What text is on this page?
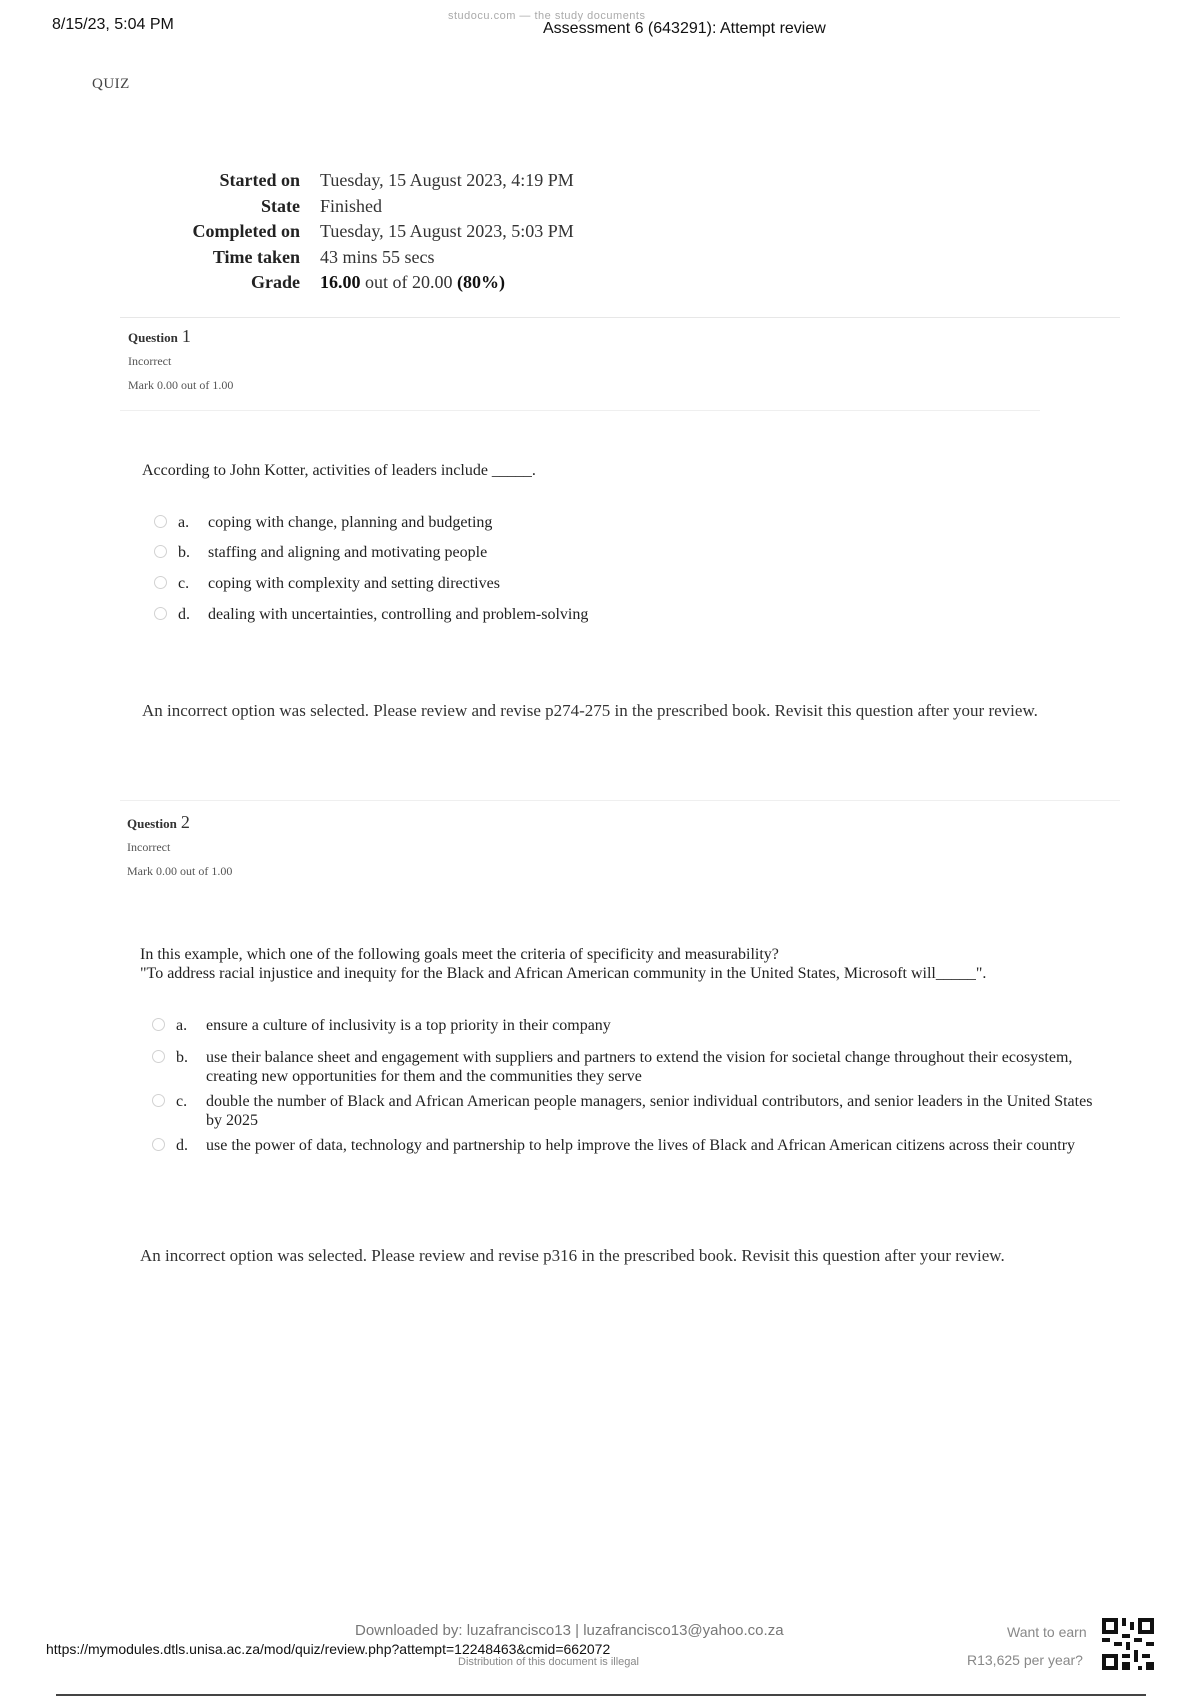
8/15/23, 5:04 PM	studocu.com — the study documents
Assessment 6 (643291): Attempt review
QUIZ
Started on	Tuesday, 15 August 2023, 4:19 PM
State	Finished
Completed on	Tuesday, 15 August 2023, 5:03 PM
Time taken	43 mins 55 secs
Grade	16.00 out of 20.00 (80%)
Question 1
Incorrect
Mark 0.00 out of 1.00
According to John Kotter, activities of leaders include _____.
a.	coping with change, planning and budgeting
b.	staffing and aligning and motivating people
c.	coping with complexity and setting directives
d.	dealing with uncertainties, controlling and problem-solving
An incorrect option was selected. Please review and revise p274-275 in the prescribed book. Revisit this question after your review.
Question 2
Incorrect
Mark 0.00 out of 1.00
In this example, which one of the following goals meet the criteria of specificity and measurability?
"To address racial injustice and inequity for the Black and African American community in the United States, Microsoft will_____".
a.	ensure a culture of inclusivity is a top priority in their company
b.	use their balance sheet and engagement with suppliers and partners to extend the vision for societal change throughout their ecosystem, creating new opportunities for them and the communities they serve
c.	double the number of Black and African American people managers, senior individual contributors, and senior leaders in the United States by 2025
d.	use the power of data, technology and partnership to help improve the lives of Black and African American citizens across their country
An incorrect option was selected. Please review and revise p316 in the prescribed book. Revisit this question after your review.
Downloaded by: luzafrancisco13 | luzafrancisco13@yahoo.co.za
https://mymodules.dtls.unisa.ac.za/mod/quiz/review.php?attempt=12248463&cmid=662072
Distribution of this document is illegal
Want to earn
R13,625 per year?
